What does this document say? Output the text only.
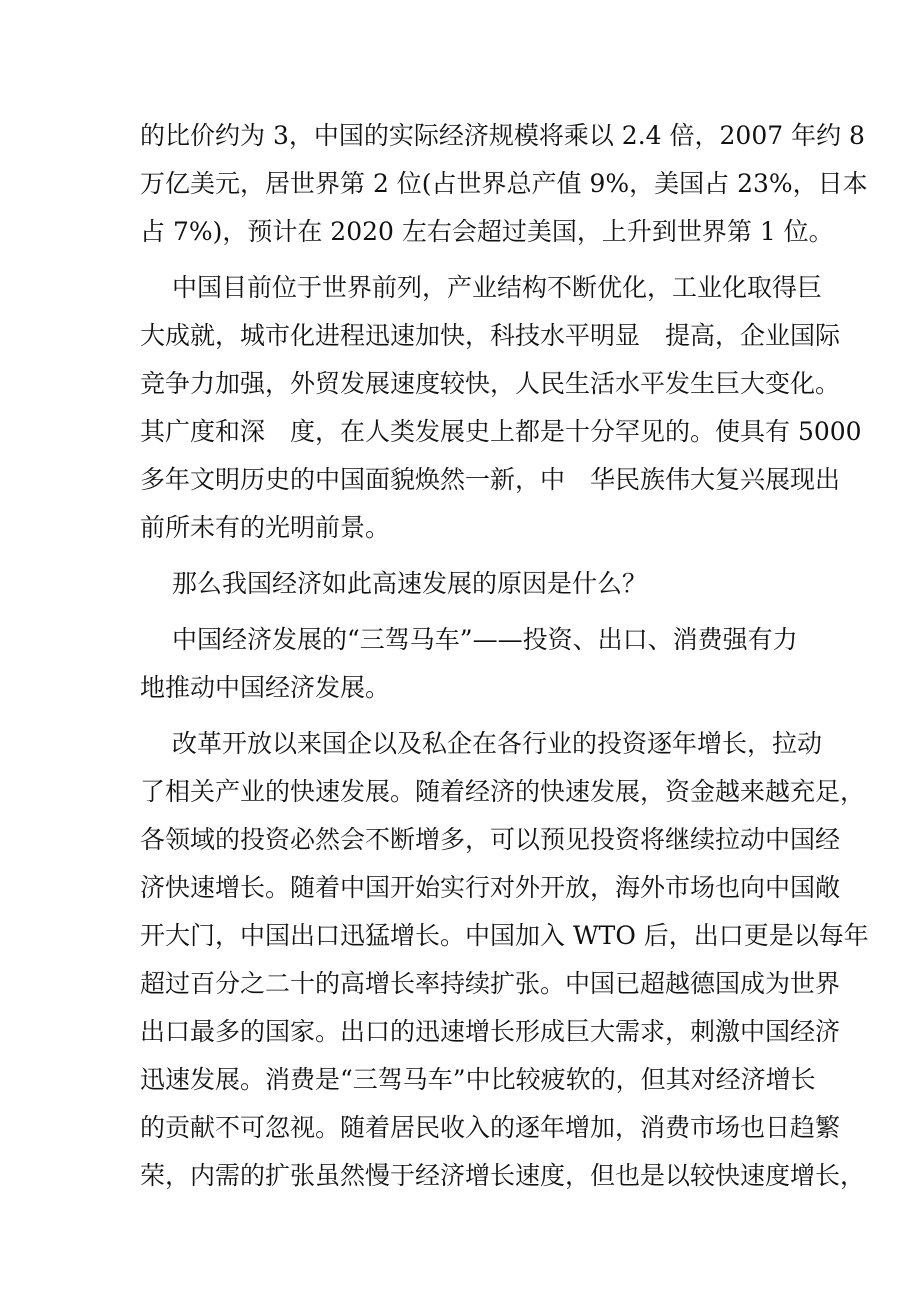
的比价约为 3，中国的实际经济规模将乘以 2.4 倍，2007 年约 8
万亿美元，居世界第 2 位(占世界总产值 9%，美国占 23%，日本
占 7%)，预计在 2020 左右会超过美国，上升到世界第 1 位。
中国目前位于世界前列，产业结构不断优化，工业化取得巨
大成就，城市化进程迅速加快，科技水平明显　提高，企业国际
竞争力加强，外贸发展速度较快，人民生活水平发生巨大变化。
其广度和深　度，在人类发展史上都是十分罕见的。使具有 5000
多年文明历史的中国面貌焕然一新，中　华民族伟大复兴展现出
前所未有的光明前景。
那么我国经济如此高速发展的原因是什么？
中国经济发展的“三驾马车”——投资、出口、消费强有力
地推动中国经济发展。
改革开放以来国企以及私企在各行业的投资逐年增长，拉动
了相关产业的快速发展。随着经济的快速发展，资金越来越充足，
各领域的投资必然会不断增多，可以预见投资将继续拉动中国经
济快速增长。随着中国开始实行对外开放，海外市场也向中国敞
开大门，中国出口迅猛增长。中国加入 WTO 后，出口更是以每年
超过百分之二十的高增长率持续扩张。中国已超越德国成为世界
出口最多的国家。出口的迅速增长形成巨大需求，刺激中国经济
迅速发展。消费是“三驾马车”中比较疲软的，但其对经济增长
的贡献不可忽视。随着居民收入的逐年增加，消费市场也日趋繁
荣，内需的扩张虽然慢于经济增长速度，但也是以较快速度增长，
